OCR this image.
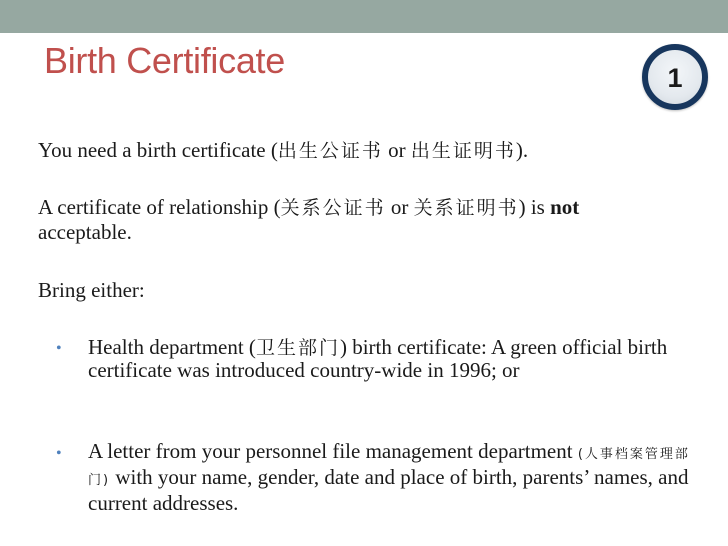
Birth Certificate	1
You need a birth certificate (出生公证书 or 出生证明书).
A certificate of relationship (关系公证书 or 关系证明书) is not
acceptable.
Bring either:
• Health department (卫生部门) birth certificate: A green official birth certificate was introduced country-wide in 1996; or
• A letter from your personnel file management department (人事档案管理部门) with your name, gender, date and place of birth, parents’ names, and current addresses.
